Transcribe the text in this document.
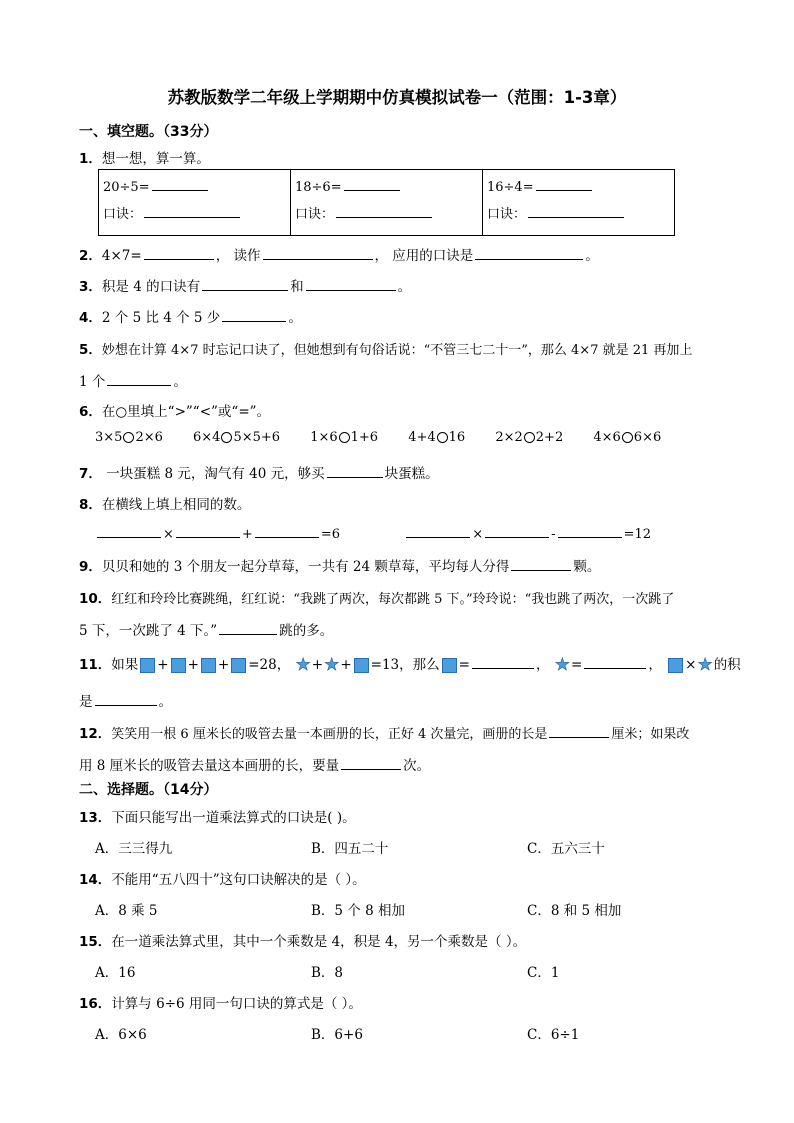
苏教版数学二年级上学期期中仿真模拟试卷一（范围：1-3章）
一、填空题。（33分）
1．想一想，算一算。
20÷5=
口诀：

18÷6=
口诀：

16÷4=
口诀：
2．4×7=	， 读作	， 应用的口诀是	。
3．积是 4 的口诀有	和	。
4．2 个 5 比 4 个 5 少	。
5．妙想在计算 4×7 时忘记口诀了，但她想到有句俗话说：“不管三七二十一”，那么 4×7 就是 21 再加上
1 个	。
6．在○里填上“>”“<”或“=”。
3×5 2×6 6×4 5×5+6 1×6 1+6 4+4 16 2×2 2+2 4×6 6×6
7． 一块蛋糕 8 元，淘气有 40 元，够买	块蛋糕。
8．在横线上填上相同的数。
×	+	=6	×	-	=12
9．贝贝和她的 3 个朋友一起分草莓，一共有 24 颗草莓，平均每人分得	颗。
10．红红和玲玲比赛跳绳，红红说：“我跳了两次，每次都跳 5 下。”玲玲说：“我也跳了两次，一次跳了
5 下，一次跳了 4 下。”	跳的多。
11．如果 + + + =28， ★+★+ =13，那么 =	， ★=	， ×★的积
是	。
12．笑笑用一根 6 厘米长的吸管去量一本画册的长，正好 4 次量完，画册的长是	厘米；如果改
用 8 厘米长的吸管去量这本画册的长，要量	次。
二、选择题。（14分）
13．下面只能写出一道乘法算式的口诀是( )。
A．三三得九	B．四五二十	C．五六三十
14．不能用“五八四十”这句口诀解决的是（ ）。
A．8 乘 5	B．5 个 8 相加	C．8 和 5 相加
15．在一道乘法算式里，其中一个乘数是 4，积是 4，另一个乘数是（ ）。
A．16	B．8	C．1
16．计算与 6÷6 用同一句口诀的算式是（ ）。
A．6×6	B．6+6	C．6÷1
